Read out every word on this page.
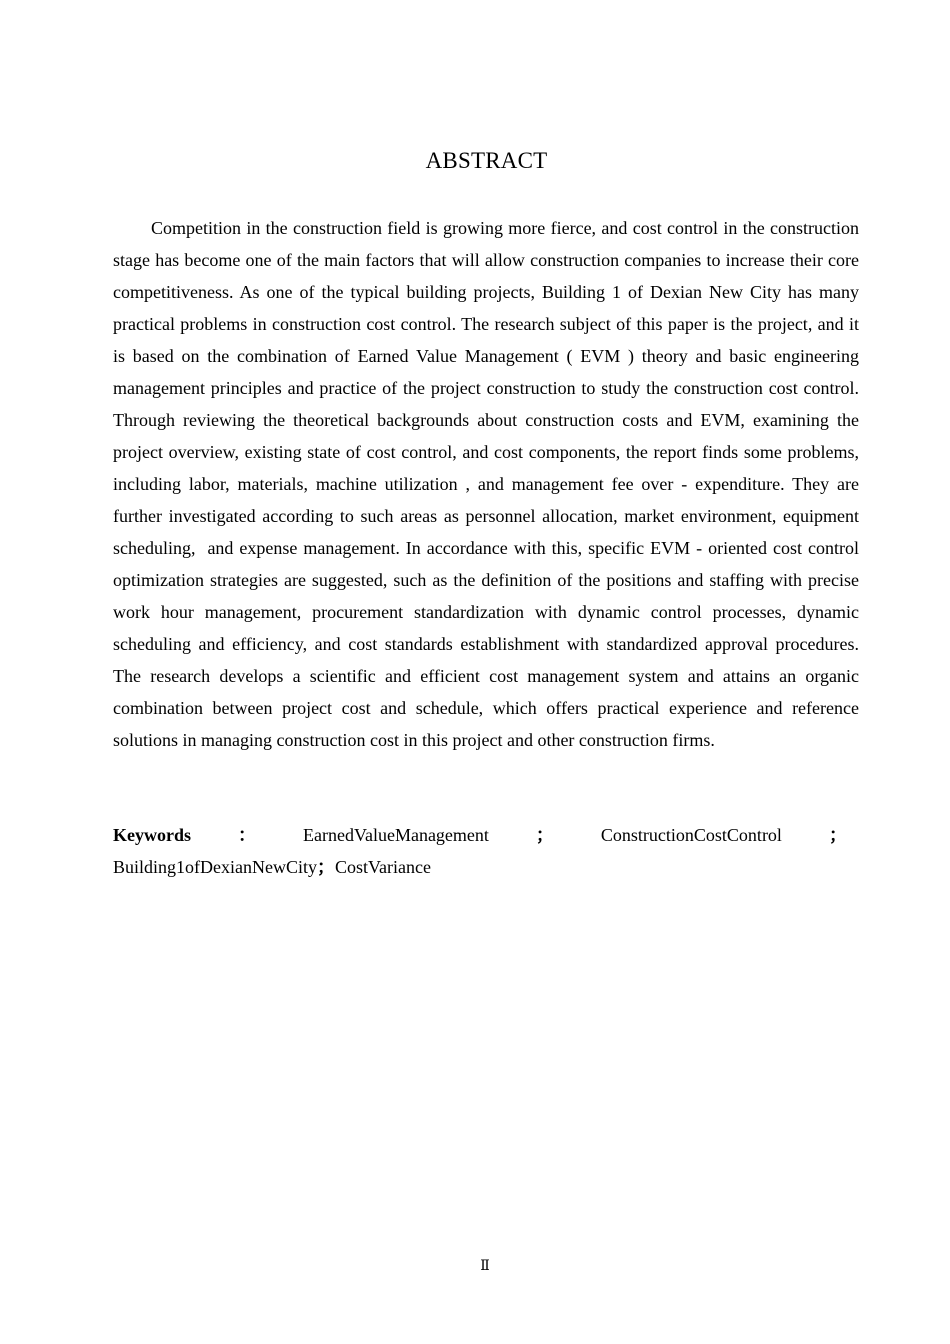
ABSTRACT

Competition in the construction field is growing more fierce, and cost control in the construction stage has become one of the main factors that will allow construction companies to increase their core competitiveness. As one of the typical building projects, Building 1 of Dexian New City has many practical problems in construction cost control. The research subject of this paper is the project, and it is based on the combination of Earned Value Management ( EVM ) theory and basic engineering management principles and practice of the project construction to study the construction cost control. Through reviewing the theoretical backgrounds about construction costs and EVM, examining the project overview, existing state of cost control, and cost components, the report finds some problems, including labor, materials, machine utilization , and management fee over - expenditure. They are further investigated according to such areas as personnel allocation, market environment, equipment scheduling,  and expense management. In accordance with this, specific EVM - oriented cost control optimization strategies are suggested, such as the definition of the positions and staffing with precise work hour management, procurement standardization with dynamic control processes, dynamic scheduling and efficiency, and cost standards establishment with standardized approval procedures. The research develops a scientific and efficient cost management system and attains an organic combination between project cost and schedule, which offers practical experience and reference solutions in managing construction cost in this project and other construction firms.

Keywords	：	EarnedValueManagement	；	ConstructionCostControl	；
Building1ofDexianNewCity；CostVariance
Ⅱ
